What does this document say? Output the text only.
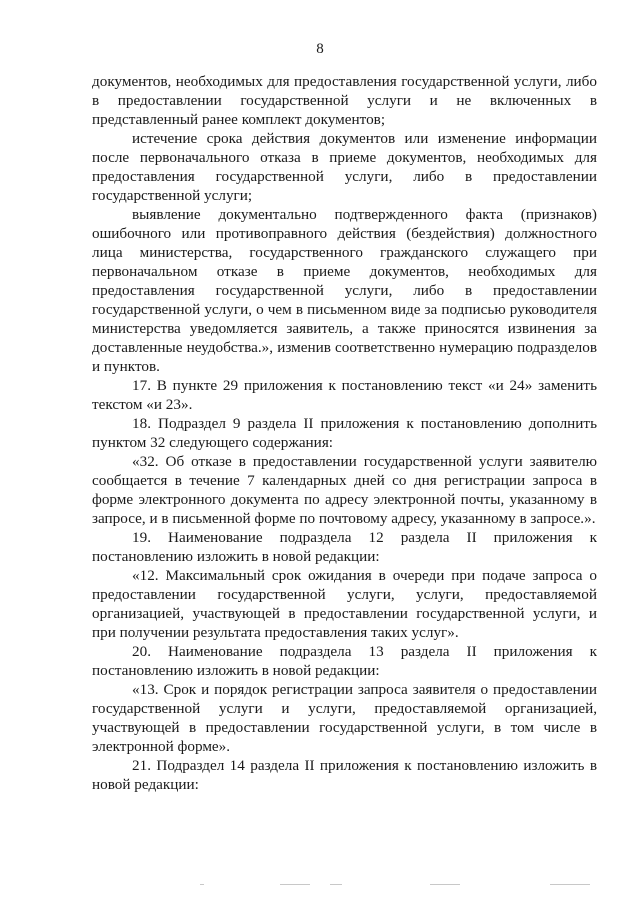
8

документов, необходимых для предоставления государственной услуги, либо в предоставлении государственной услуги и не включенных в представленный ранее комплект документов;

истечение срока действия документов или изменение информации после первоначального отказа в приеме документов, необходимых для предоставления государственной услуги, либо в предоставлении государственной услуги;

выявление документально подтвержденного факта (признаков) ошибочного или противоправного действия (бездействия) должностного лица министерства, государственного гражданского служащего при первоначальном отказе в приеме документов, необходимых для предоставления государственной услуги, либо в предоставлении государственной услуги, о чем в письменном виде за подписью руководителя министерства уведомляется заявитель, а также приносятся извинения за доставленные неудобства.», изменив соответственно нумерацию подразделов и пунктов.

17. В пункте 29 приложения к постановлению текст «и 24» заменить текстом «и 23».

18. Подраздел 9 раздела II приложения к постановлению дополнить пунктом 32 следующего содержания:

«32. Об отказе в предоставлении государственной услуги заявителю сообщается в течение 7 календарных дней со дня регистрации запроса в форме электронного документа по адресу электронной почты, указанному в запросе, и в письменной форме по почтовому адресу, указанному в запросе.».

19. Наименование подраздела 12 раздела II приложения к постановлению изложить в новой редакции:

«12. Максимальный срок ожидания в очереди при подаче запроса о предоставлении государственной услуги, услуги, предоставляемой организацией, участвующей в предоставлении государственной услуги, и при получении результата предоставления таких услуг».

20. Наименование подраздела 13 раздела II приложения к постановлению изложить в новой редакции:

«13. Срок и порядок регистрации запроса заявителя о предоставлении государственной услуги и услуги, предоставляемой организацией, участвующей в предоставлении государственной услуги, в том числе в электронной форме».

21. Подраздел 14 раздела II приложения к постановлению изложить в новой редакции:
